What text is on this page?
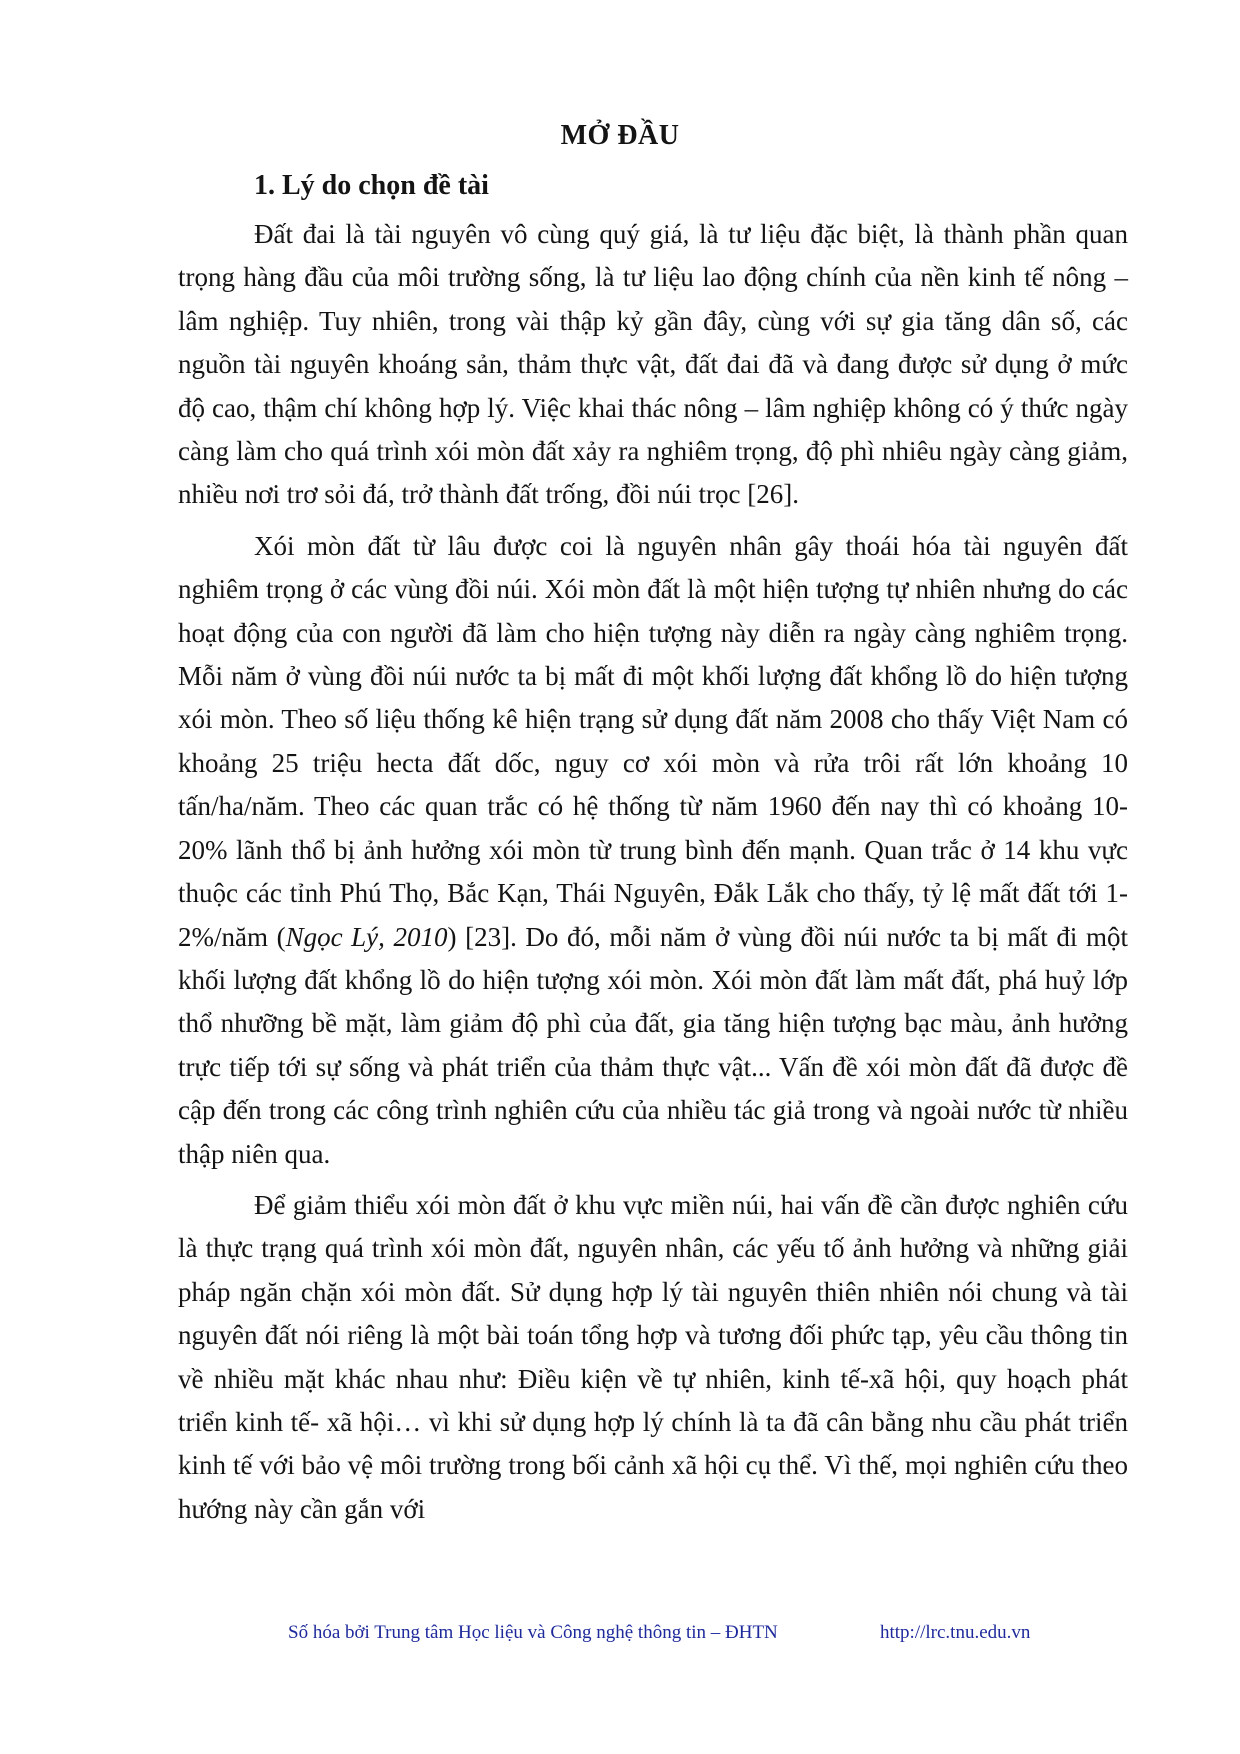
MỞ ĐẦU
1. Lý do chọn đề tài

Đất đai là tài nguyên vô cùng quý giá, là tư liệu đặc biệt, là thành phần quan trọng hàng đầu của môi trường sống, là tư liệu lao động chính của nền kinh tế nông – lâm nghiệp. Tuy nhiên, trong vài thập kỷ gần đây, cùng với sự gia tăng dân số, các nguồn tài nguyên khoáng sản, thảm thực vật, đất đai đã và đang được sử dụng ở mức độ cao, thậm chí không hợp lý. Việc khai thác nông – lâm nghiệp không có ý thức ngày càng làm cho quá trình xói mòn đất xảy ra nghiêm trọng, độ phì nhiêu ngày càng giảm, nhiều nơi trơ sỏi đá, trở thành đất trống, đồi núi trọc [26].

Xói mòn đất từ lâu được coi là nguyên nhân gây thoái hóa tài nguyên đất nghiêm trọng ở các vùng đồi núi. Xói mòn đất là một hiện tượng tự nhiên nhưng do các hoạt động của con người đã làm cho hiện tượng này diễn ra ngày càng nghiêm trọng. Mỗi năm ở vùng đồi núi nước ta bị mất đi một khối lượng đất khổng lồ do hiện tượng xói mòn. Theo số liệu thống kê hiện trạng sử dụng đất năm 2008 cho thấy Việt Nam có khoảng 25 triệu hecta đất dốc, nguy cơ xói mòn và rửa trôi rất lớn khoảng 10 tấn/ha/năm. Theo các quan trắc có hệ thống từ năm 1960 đến nay thì có khoảng 10-20% lãnh thổ bị ảnh hưởng xói mòn từ trung bình đến mạnh. Quan trắc ở 14 khu vực thuộc các tỉnh Phú Thọ, Bắc Kạn, Thái Nguyên, Đắk Lắk cho thấy, tỷ lệ mất đất tới 1-2%/năm (Ngọc Lý, 2010) [23]. Do đó, mỗi năm ở vùng đồi núi nước ta bị mất đi một khối lượng đất khổng lồ do hiện tượng xói mòn. Xói mòn đất làm mất đất, phá huỷ lớp thổ nhưỡng bề mặt, làm giảm độ phì của đất, gia tăng hiện tượng bạc màu, ảnh hưởng trực tiếp tới sự sống và phát triển của thảm thực vật... Vấn đề xói mòn đất đã được đề cập đến trong các công trình nghiên cứu của nhiều tác giả trong và ngoài nước từ nhiều thập niên qua.

Để giảm thiểu xói mòn đất ở khu vực miền núi, hai vấn đề cần được nghiên cứu là thực trạng quá trình xói mòn đất, nguyên nhân, các yếu tố ảnh hưởng và những giải pháp ngăn chặn xói mòn đất. Sử dụng hợp lý tài nguyên thiên nhiên nói chung và tài nguyên đất nói riêng là một bài toán tổng hợp và tương đối phức tạp, yêu cầu thông tin về nhiều mặt khác nhau như: Điều kiện về tự nhiên, kinh tế-xã hội, quy hoạch phát triển kinh tế- xã hội… vì khi sử dụng hợp lý chính là ta đã cân bằng nhu cầu phát triển kinh tế với bảo vệ môi trường trong bối cảnh xã hội cụ thể. Vì thế, mọi nghiên cứu theo hướng này cần gắn với

Số hóa bởi Trung tâm Học liệu và Công nghệ thông tin – ĐHTN	http://lrc.tnu.edu.vn
